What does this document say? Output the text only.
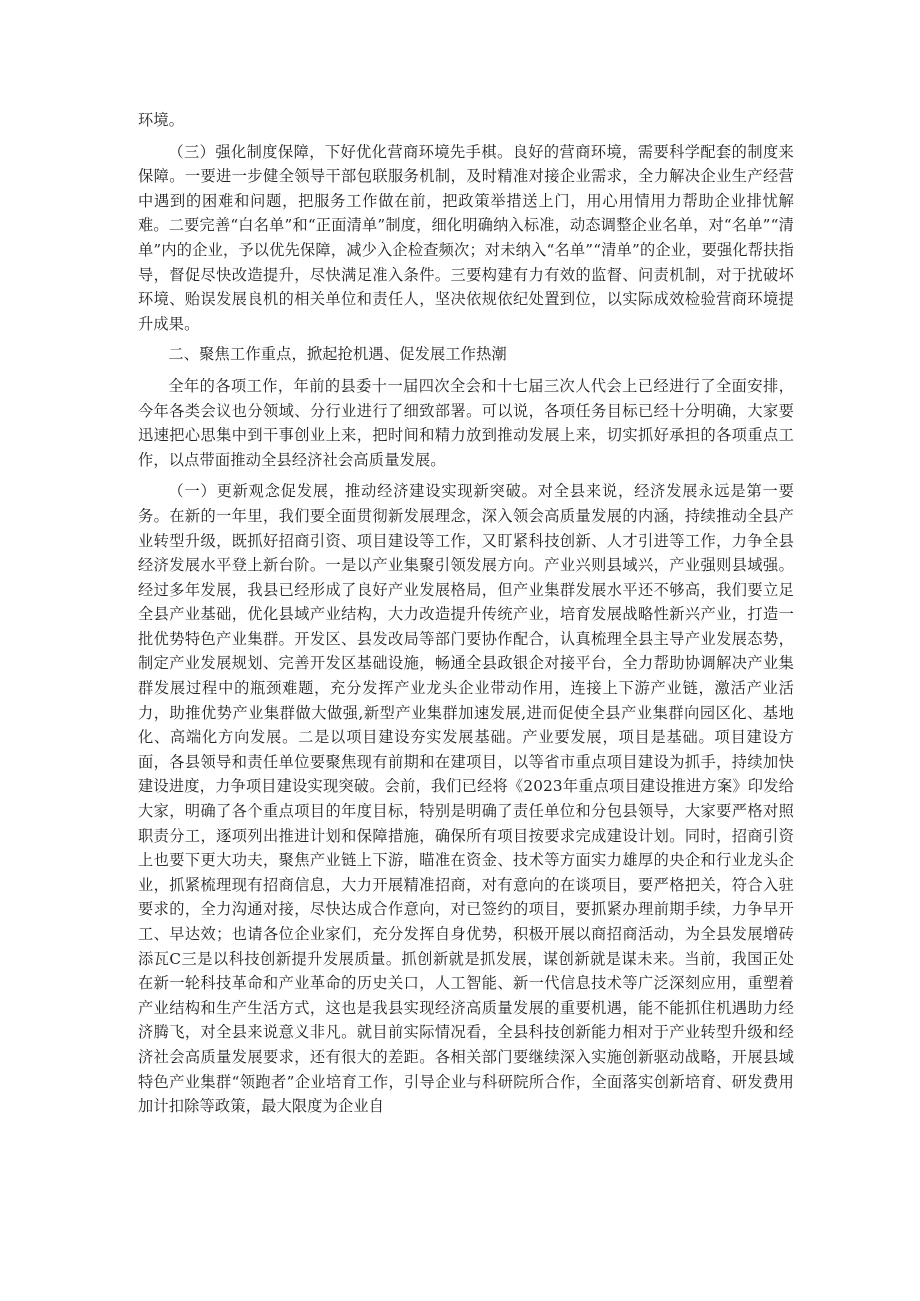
环境。

（三）强化制度保障，下好优化营商环境先手棋。良好的营商环境，需要科学配套的制度来保障。一要进一步健全领导干部包联服务机制，及时精准对接企业需求，全力解决企业生产经营中遇到的困难和问题，把服务工作做在前，把政策举措送上门，用心用情用力帮助企业排忧解难。二要完善“白名单”和“正面清单”制度，细化明确纳入标准，动态调整企业名单，对“名单”“清单”内的企业，予以优先保障，减少入企检查频次；对未纳入“名单”“清单”的企业，要强化帮扶指导，督促尽快改造提升，尽快满足准入条件。三要构建有力有效的监督、问责机制，对于扰破坏环境、贻误发展良机的相关单位和责任人，坚决依规依纪处置到位，以实际成效检验营商环境提升成果。

二、聚焦工作重点，掀起抢机遇、促发展工作热潮

全年的各项工作，年前的县委十一届四次全会和十七届三次人代会上已经进行了全面安排，今年各类会议也分领域、分行业进行了细致部署。可以说，各项任务目标已经十分明确，大家要迅速把心思集中到干事创业上来，把时间和精力放到推动发展上来，切实抓好承担的各项重点工作，以点带面推动全县经济社会高质量发展。

（一）更新观念促发展，推动经济建设实现新突破。对全县来说，经济发展永远是第一要务。在新的一年里，我们要全面贯彻新发展理念，深入领会高质量发展的内涵，持续推动全县产业转型升级，既抓好招商引资、项目建设等工作，又盯紧科技创新、人才引进等工作，力争全县经济发展水平登上新台阶。一是以产业集聚引领发展方向。产业兴则县域兴，产业强则县域强。经过多年发展，我县已经形成了良好产业发展格局，但产业集群发展水平还不够高，我们要立足全县产业基础，优化县域产业结构，大力改造提升传统产业，培育发展战略性新兴产业，打造一批优势特色产业集群。开发区、县发改局等部门要协作配合，认真梳理全县主导产业发展态势，制定产业发展规划、完善开发区基础设施，畅通全县政银企对接平台，全力帮助协调解决产业集群发展过程中的瓶颈难题，充分发挥产业龙头企业带动作用，连接上下游产业链，激活产业活力，助推优势产业集群做大做强,新型产业集群加速发展,进而促使全县产业集群向园区化、基地化、高端化方向发展。二是以项目建设夯实发展基础。产业要发展，项目是基础。项目建设方面，各县领导和责任单位要聚焦现有前期和在建项目，以等省市重点项目建设为抓手，持续加快建设进度，力争项目建设实现突破。会前，我们已经将《2023年重点项目建设推进方案》印发给大家，明确了各个重点项目的年度目标，特别是明确了责任单位和分包县领导，大家要严格对照职责分工，逐项列出推进计划和保障措施，确保所有项目按要求完成建设计划。同时，招商引资上也要下更大功夫，聚焦产业链上下游，瞄准在资金、技术等方面实力雄厚的央企和行业龙头企业，抓紧梳理现有招商信息，大力开展精准招商，对有意向的在谈项目，要严格把关，符合入驻要求的，全力沟通对接，尽快达成合作意向，对已签约的项目，要抓紧办理前期手续，力争早开工、早达效；也请各位企业家们，充分发挥自身优势，积极开展以商招商活动，为全县发展增砖添瓦C三是以科技创新提升发展质量。抓创新就是抓发展，谋创新就是谋未来。当前，我国正处在新一轮科技革命和产业革命的历史关口，人工智能、新一代信息技术等广泛深刻应用，重塑着产业结构和生产生活方式，这也是我县实现经济高质量发展的重要机遇，能不能抓住机遇助力经济腾飞，对全县来说意义非凡。就目前实际情况看，全县科技创新能力相对于产业转型升级和经济社会高质量发展要求，还有很大的差距。各相关部门要继续深入实施创新驱动战略，开展县域特色产业集群“领跑者”企业培育工作，引导企业与科研院所合作，全面落实创新培育、研发费用加计扣除等政策，最大限度为企业自
